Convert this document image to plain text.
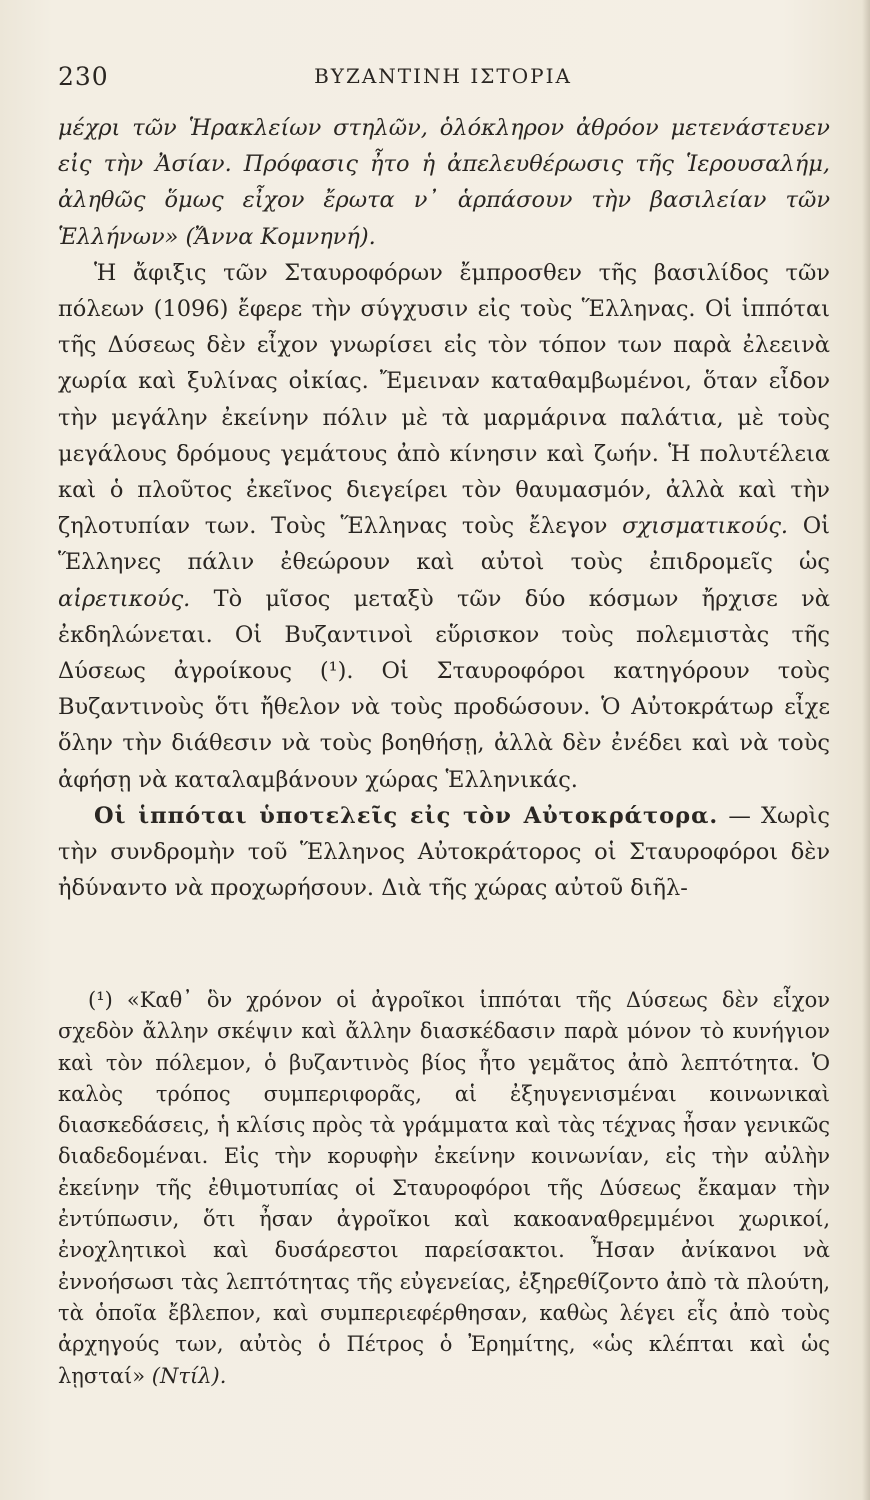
230	ΒΥΖΑΝΤΙΝΗ ΙΣΤΟΡΙΑ

μέχρι τῶν Ἡρακλείων στηλῶν, ὁλόκληρον ἀθρόον μετενάστευεν εἰς τὴν Ἀσίαν. Πρόφασις ἦτο ἡ ἀπελευθέρωσις τῆς Ἱερουσαλήμ, ἀληθῶς ὅμως εἶχον ἔρωτα ν᾿ ἁρπάσουν τὴν βασιλείαν τῶν Ἑλλήνων» (Ἄννα Κομνηνή).

Ἡ ἄφιξις τῶν Σταυροφόρων ἔμπροσθεν τῆς βασιλίδος τῶν πόλεων (1096) ἔφερε τὴν σύγχυσιν εἰς τοὺς Ἕλληνας. Οἱ ἱππόται τῆς Δύσεως δὲν εἶχον γνωρίσει εἰς τὸν τόπον των παρὰ ἐλεεινὰ χωρία καὶ ξυλίνας οἰκίας. Ἔμειναν καταθαμβωμένοι, ὅταν εἶδον τὴν μεγάλην ἐκείνην πόλιν μὲ τὰ μαρμάρινα παλάτια, μὲ τοὺς μεγάλους δρόμους γεμάτους ἀπὸ κίνησιν καὶ ζωήν. Ἡ πολυτέλεια καὶ ὁ πλοῦτος ἐκεῖνος διεγείρει τὸν θαυμασμόν, ἀλλὰ καὶ τὴν ζηλοτυπίαν των. Τοὺς Ἕλληνας τοὺς ἔλεγον σχισματικούς. Οἱ Ἕλληνες πάλιν ἐθεώρουν καὶ αὐτοὶ τοὺς ἐπιδρομεῖς ὡς αἱρετικούς. Τὸ μῖσος μεταξὺ τῶν δύο κόσμων ἤρχισε νὰ ἐκδηλώνεται. Οἱ Βυζαντινοὶ εὕρισκον τοὺς πολεμιστὰς τῆς Δύσεως ἀγροίκους (¹). Οἱ Σταυροφόροι κατηγόρουν τοὺς Βυζαντινοὺς ὅτι ἤθελον νὰ τοὺς προδώσουν. Ὁ Αὐτοκράτωρ εἶχε ὅλην τὴν διάθεσιν νὰ τοὺς βοηθήσῃ, ἀλλὰ δὲν ἐνέδει καὶ νὰ τοὺς ἀφήσῃ νὰ καταλαμβάνουν χώρας Ἑλληνικάς.

Οἱ ἱππόται ὑποτελεῖς εἰς τὸν Αὐτοκράτορα. — Χωρὶς τὴν συνδρομὴν τοῦ Ἕλληνος Αὐτοκράτορος οἱ Σταυροφόροι δὲν ἠδύναντο νὰ προχωρήσουν. Διὰ τῆς χώρας αὐτοῦ διῆλ-

(¹) «Καθ᾿ ὃν χρόνον οἱ ἀγροῖκοι ἱππόται τῆς Δύσεως δὲν εἶχον σχεδὸν ἄλλην σκέψιν καὶ ἄλλην διασκέδασιν παρὰ μόνον τὸ κυνήγιον καὶ τὸν πόλεμον, ὁ βυζαντινὸς βίος ἦτο γεμᾶτος ἀπὸ λεπτότητα. Ὁ καλὸς τρόπος συμπεριφορᾶς, αἱ ἐξηυγενισμέναι κοινωνικαὶ διασκεδάσεις, ἡ κλίσις πρὸς τὰ γράμματα καὶ τὰς τέχνας ἦσαν γενικῶς διαδεδομέναι. Εἰς τὴν κορυφὴν ἐκείνην κοινωνίαν, εἰς τὴν αὐλὴν ἐκείνην τῆς ἐθιμοτυπίας οἱ Σταυροφόροι τῆς Δύσεως ἔκαμαν τὴν ἐντύπωσιν, ὅτι ἦσαν ἀγροῖκοι καὶ κακοαναθρεμμένοι χωρικοί, ἐνοχλητικοὶ καὶ δυσάρεστοι παρείσακτοι. Ἦσαν ἀνίκανοι νὰ ἐννοήσωσι τὰς λεπτότητας τῆς εὐγενείας, ἐξηρεθίζοντο ἀπὸ τὰ πλούτη, τὰ ὁποῖα ἔβλεπον, καὶ συμπεριεφέρθησαν, καθὼς λέγει εἷς ἀπὸ τοὺς ἀρχηγούς των, αὐτὸς ὁ Πέτρος ὁ Ἐρημίτης, «ὡς κλέπται καὶ ὡς λῃσταί» (Ντίλ).
